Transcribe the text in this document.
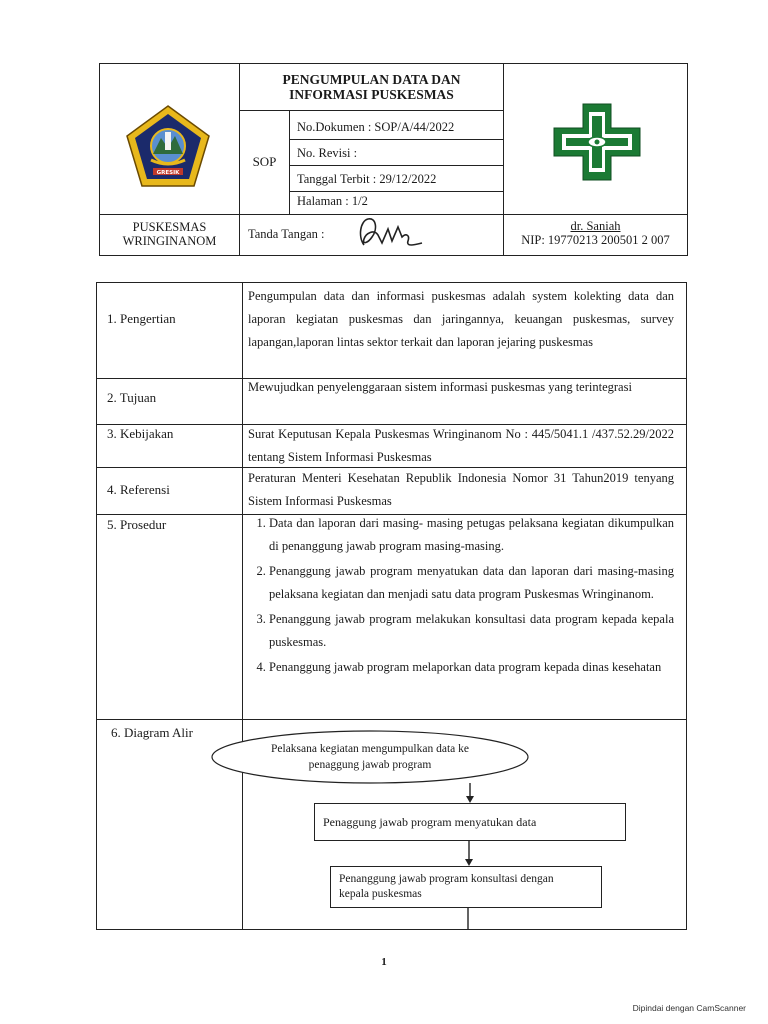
GRESIK
PENGUMPULAN DATA DAN
INFORMASI PUSKESMAS
SOP
No.Dokumen : SOP/A/44/2022
No. Revisi :
Tanggal Terbit : 29/12/2022
Halaman : 1/2
PUSKESMAS
WRINGINANOM	Tanda Tangan :
dr. Saniah
NIP: 19770213 200501 2 007
1. Pengertian
Pengumpulan data dan informasi puskesmas adalah system kolekting data dan laporan kegiatan puskesmas dan jaringannya, keuangan puskesmas, survey lapangan,laporan lintas sektor terkait dan laporan jejaring puskesmas
2. Tujuan
Mewujudkan penyelenggaraan sistem informasi puskesmas yang terintegrasi
3. Kebijakan	Surat Keputusan Kepala Puskesmas Wringinanom No : 445/5041.1 /437.52.29/2022 tentang Sistem Informasi Puskesmas
4. Referensi
Peraturan Menteri Kesehatan Republik Indonesia Nomor 31 Tahun2019 tenyang Sistem Informasi Puskesmas
5. Prosedur
1.	Data dan laporan dari masing- masing petugas pelaksana kegiatan dikumpulkan di penanggung jawab program masing-masing.
2. Penanggung jawab program menyatukan data dan laporan dari masing-masing pelaksana kegiatan dan menjadi satu data program Puskesmas Wringinanom.
3. Penanggung jawab program melakukan konsultasi data program kepada kepala puskesmas.
4. Penanggung jawab program melaporkan data program kepada dinas kesehatan
6. Diagram Alir
Pelaksana kegiatan mengumpulkan data ke
penaggung jawab program
Penaggung jawab program menyatukan data
Penanggung jawab program konsultasi dengan
kepala puskesmas
1
Dipindai dengan CamScanner
